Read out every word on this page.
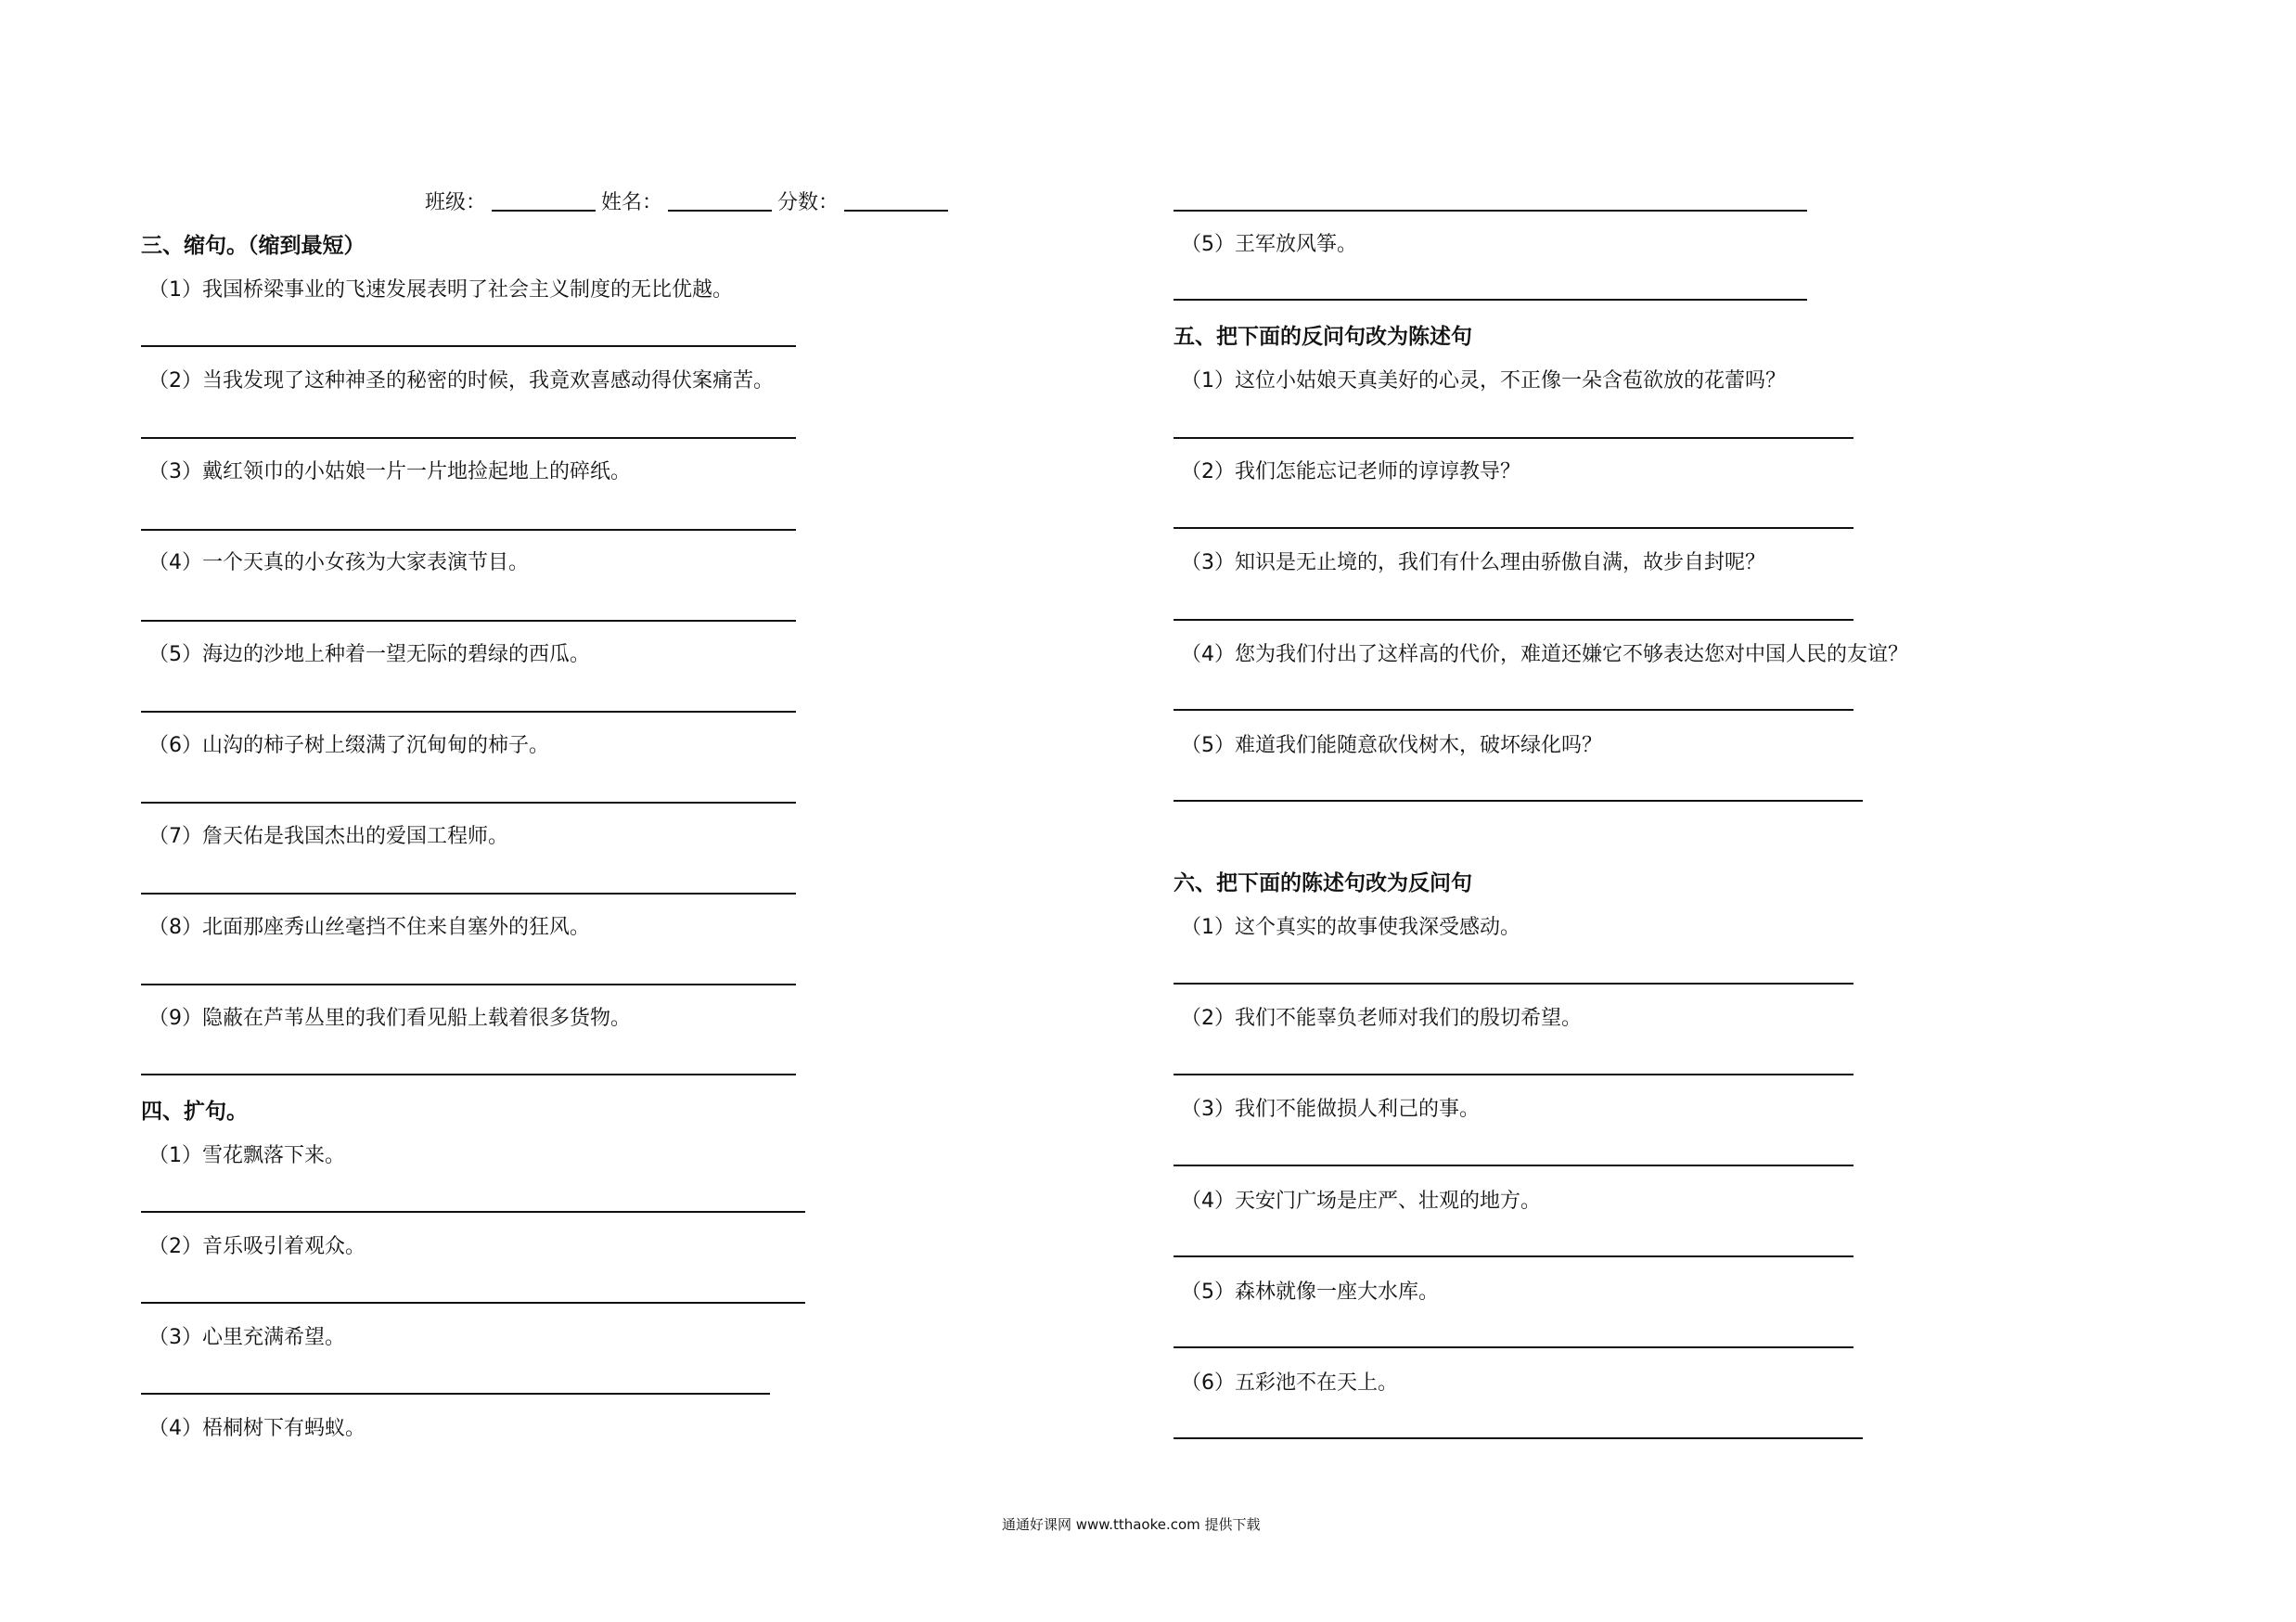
班级：	姓名：	分数：
三、缩句。（缩到最短）
（1）我国桥梁事业的飞速发展表明了社会主义制度的无比优越。
（2）当我发现了这种神圣的秘密的时候，我竟欢喜感动得伏案痛苦。
（3）戴红领巾的小姑娘一片一片地捡起地上的碎纸。
（4）一个天真的小女孩为大家表演节目。
（5）海边的沙地上种着一望无际的碧绿的西瓜。
（6）山沟的柿子树上缀满了沉甸甸的柿子。
（7）詹天佑是我国杰出的爱国工程师。
（8）北面那座秀山丝毫挡不住来自塞外的狂风。
（9）隐蔽在芦苇丛里的我们看见船上载着很多货物。
四、扩句。
（1）雪花飘落下来。
（2）音乐吸引着观众。
（3）心里充满希望。
（4）梧桐树下有蚂蚁。
（5）王军放风筝。
五、把下面的反问句改为陈述句
（1）这位小姑娘天真美好的心灵，不正像一朵含苞欲放的花蕾吗？
（2）我们怎能忘记老师的谆谆教导？
（3）知识是无止境的，我们有什么理由骄傲自满，故步自封呢？
（4）您为我们付出了这样高的代价，难道还嫌它不够表达您对中国人民的友谊？
（5）难道我们能随意砍伐树木，破坏绿化吗？
六、把下面的陈述句改为反问句
（1）这个真实的故事使我深受感动。
（2）我们不能辜负老师对我们的殷切希望。
（3）我们不能做损人利己的事。
（4）天安门广场是庄严、壮观的地方。
（5）森林就像一座大水库。
（6）五彩池不在天上。
通通好课网 www.tthaoke.com 提供下载
